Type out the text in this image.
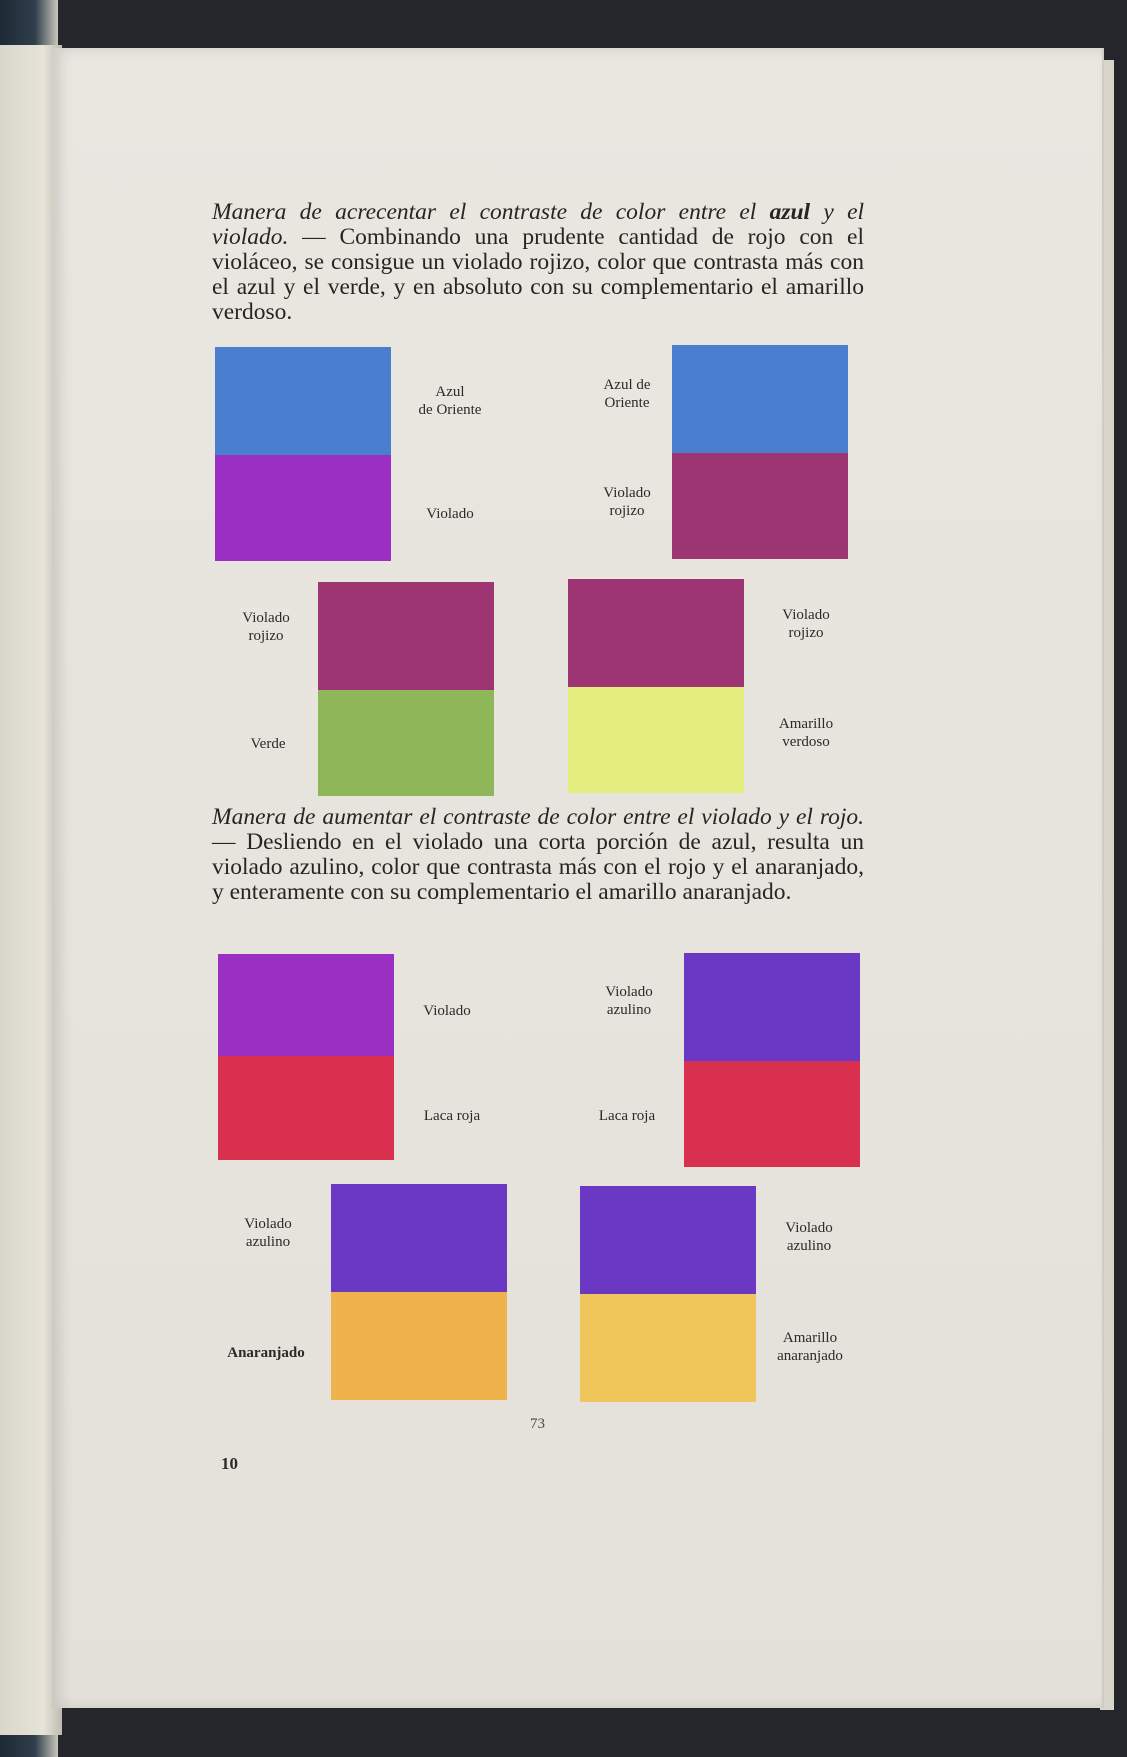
Manera de acrecentar el contraste de color entre el azul y el violado. — Combinando una prudente cantidad de rojo con el violáceo, se consigue un violado rojizo, color que contrasta más con el azul y el verde, y en absoluto con su complementario el amarillo verdoso.

Azul
de Oriente
Violado
Azul de
Oriente
Violado
rojizo
Violado
rojizo
Verde
Violado
rojizo
Amarillo
verdoso

Manera de aumentar el contraste de color entre el violado y el rojo. — Desliendo en el violado una corta porción de azul, resulta un violado azulino, color que contrasta más con el rojo y el anaranjado, y enteramente con su complementario el amarillo anaranjado.

Violado
Laca roja
Violado
azulino
Laca roja
Violado
azulino
Anaranjado
Violado
azulino
Amarillo
anaranjado
73
10
